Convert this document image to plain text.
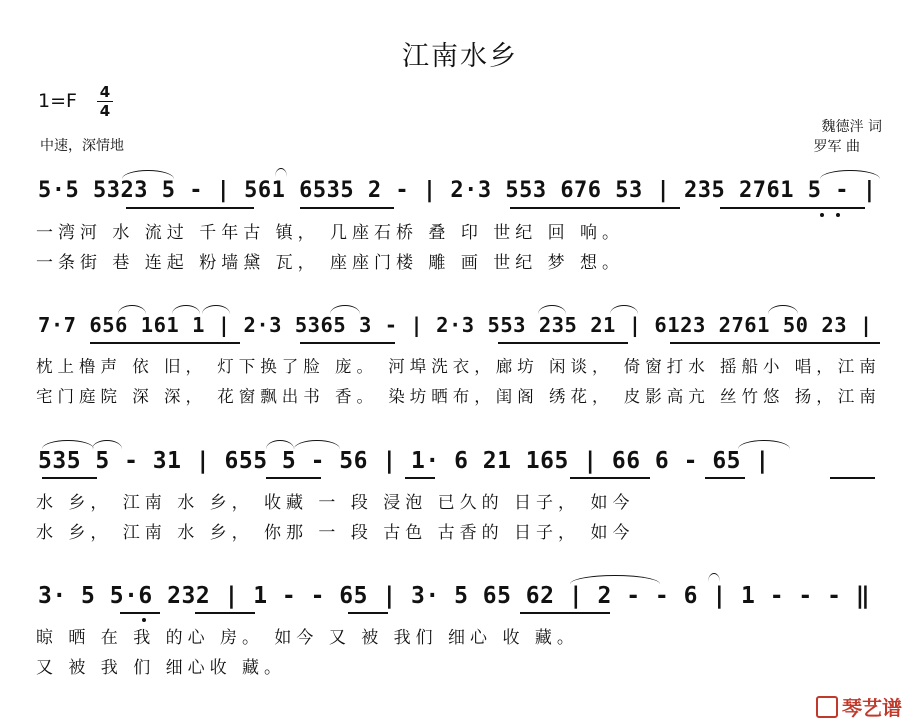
江南水乡
1=F 4
4
中速，深情地
魏德泮 词
罗军 曲
5·5 5323 5 - | 561 6535 2 - | 2·3 553 676 53 | 235 2761 5 - |
一湾河 水 流过 千年古 镇， 几座石桥 叠 印 世纪 回 响。
一条街 巷 连起 粉墙黛 瓦， 座座门楼 雕 画 世纪 梦 想。
7·7 656 161 1 | 2·3 5365 3 - | 2·3 553 235 21 | 6123 2761 50 23 |
枕上橹声 依 旧， 灯下换了脸 庞。 河埠洗衣，廊坊 闲谈， 倚窗打水 摇船小 唱，江南
宅门庭院 深 深， 花窗飘出书 香。 染坊晒布，闺阁 绣花， 皮影高亢 丝竹悠 扬，江南
535 5 - 31 | 655 5 - 56 | 1· 6 21 165 | 66 6 - 65 |
水 乡， 江南 水 乡， 收藏 一 段 浸泡 已久的 日子， 如今
水 乡， 江南 水 乡， 你那 一 段 古色 古香的 日子， 如今
3· 5 5·6 232 | 1 - - 65 | 3· 5 65 62 | 2 - - 6 | 1 - - - ‖
晾 晒 在 我 的心 房。 如今 又 被 我们 细心 收 藏。
又 被 我 们 细心收 藏。
琴艺谱
